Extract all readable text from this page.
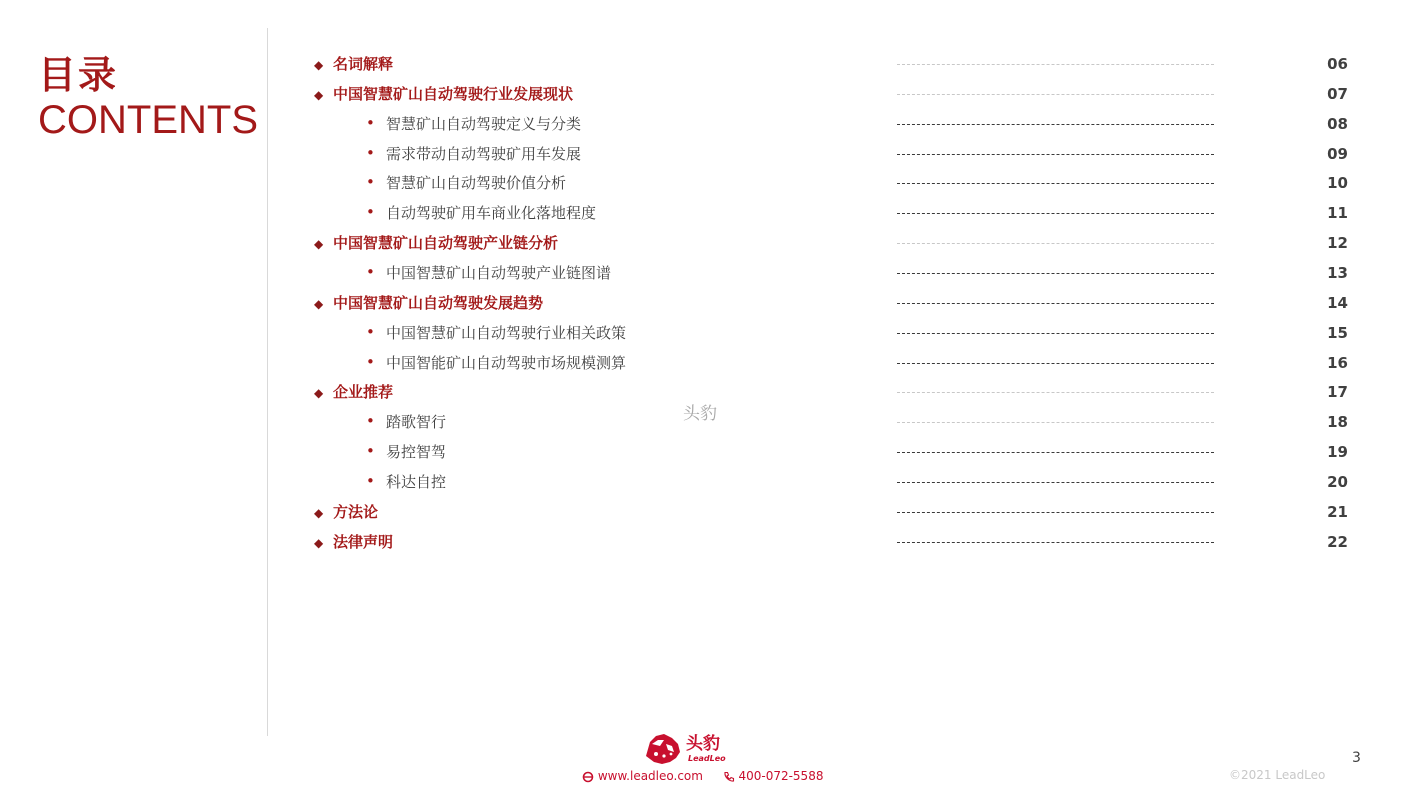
目录
CONTENTS
◆ 名词解释	06
◆ 中国智慧矿山自动驾驶行业发展现状	07
• 智慧矿山自动驾驶定义与分类	08
• 需求带动自动驾驶矿用车发展	09
• 智慧矿山自动驾驶价值分析	10
• 自动驾驶矿用车商业化落地程度	11
◆ 中国智慧矿山自动驾驶产业链分析	12
• 中国智慧矿山自动驾驶产业链图谱	13
◆ 中国智慧矿山自动驾驶发展趋势	14
• 中国智慧矿山自动驾驶行业相关政策	15
• 中国智能矿山自动驾驶市场规模测算	16
◆ 企业推荐	17
• 踏歌智行	18
• 易控智驾	19
• 科达自控	20
◆ 方法论	21
◆ 法律声明	22
头豹
头豹
LeadLeo
www.leadleo.com	400-072-5588
3
©2021 LeadLeo
